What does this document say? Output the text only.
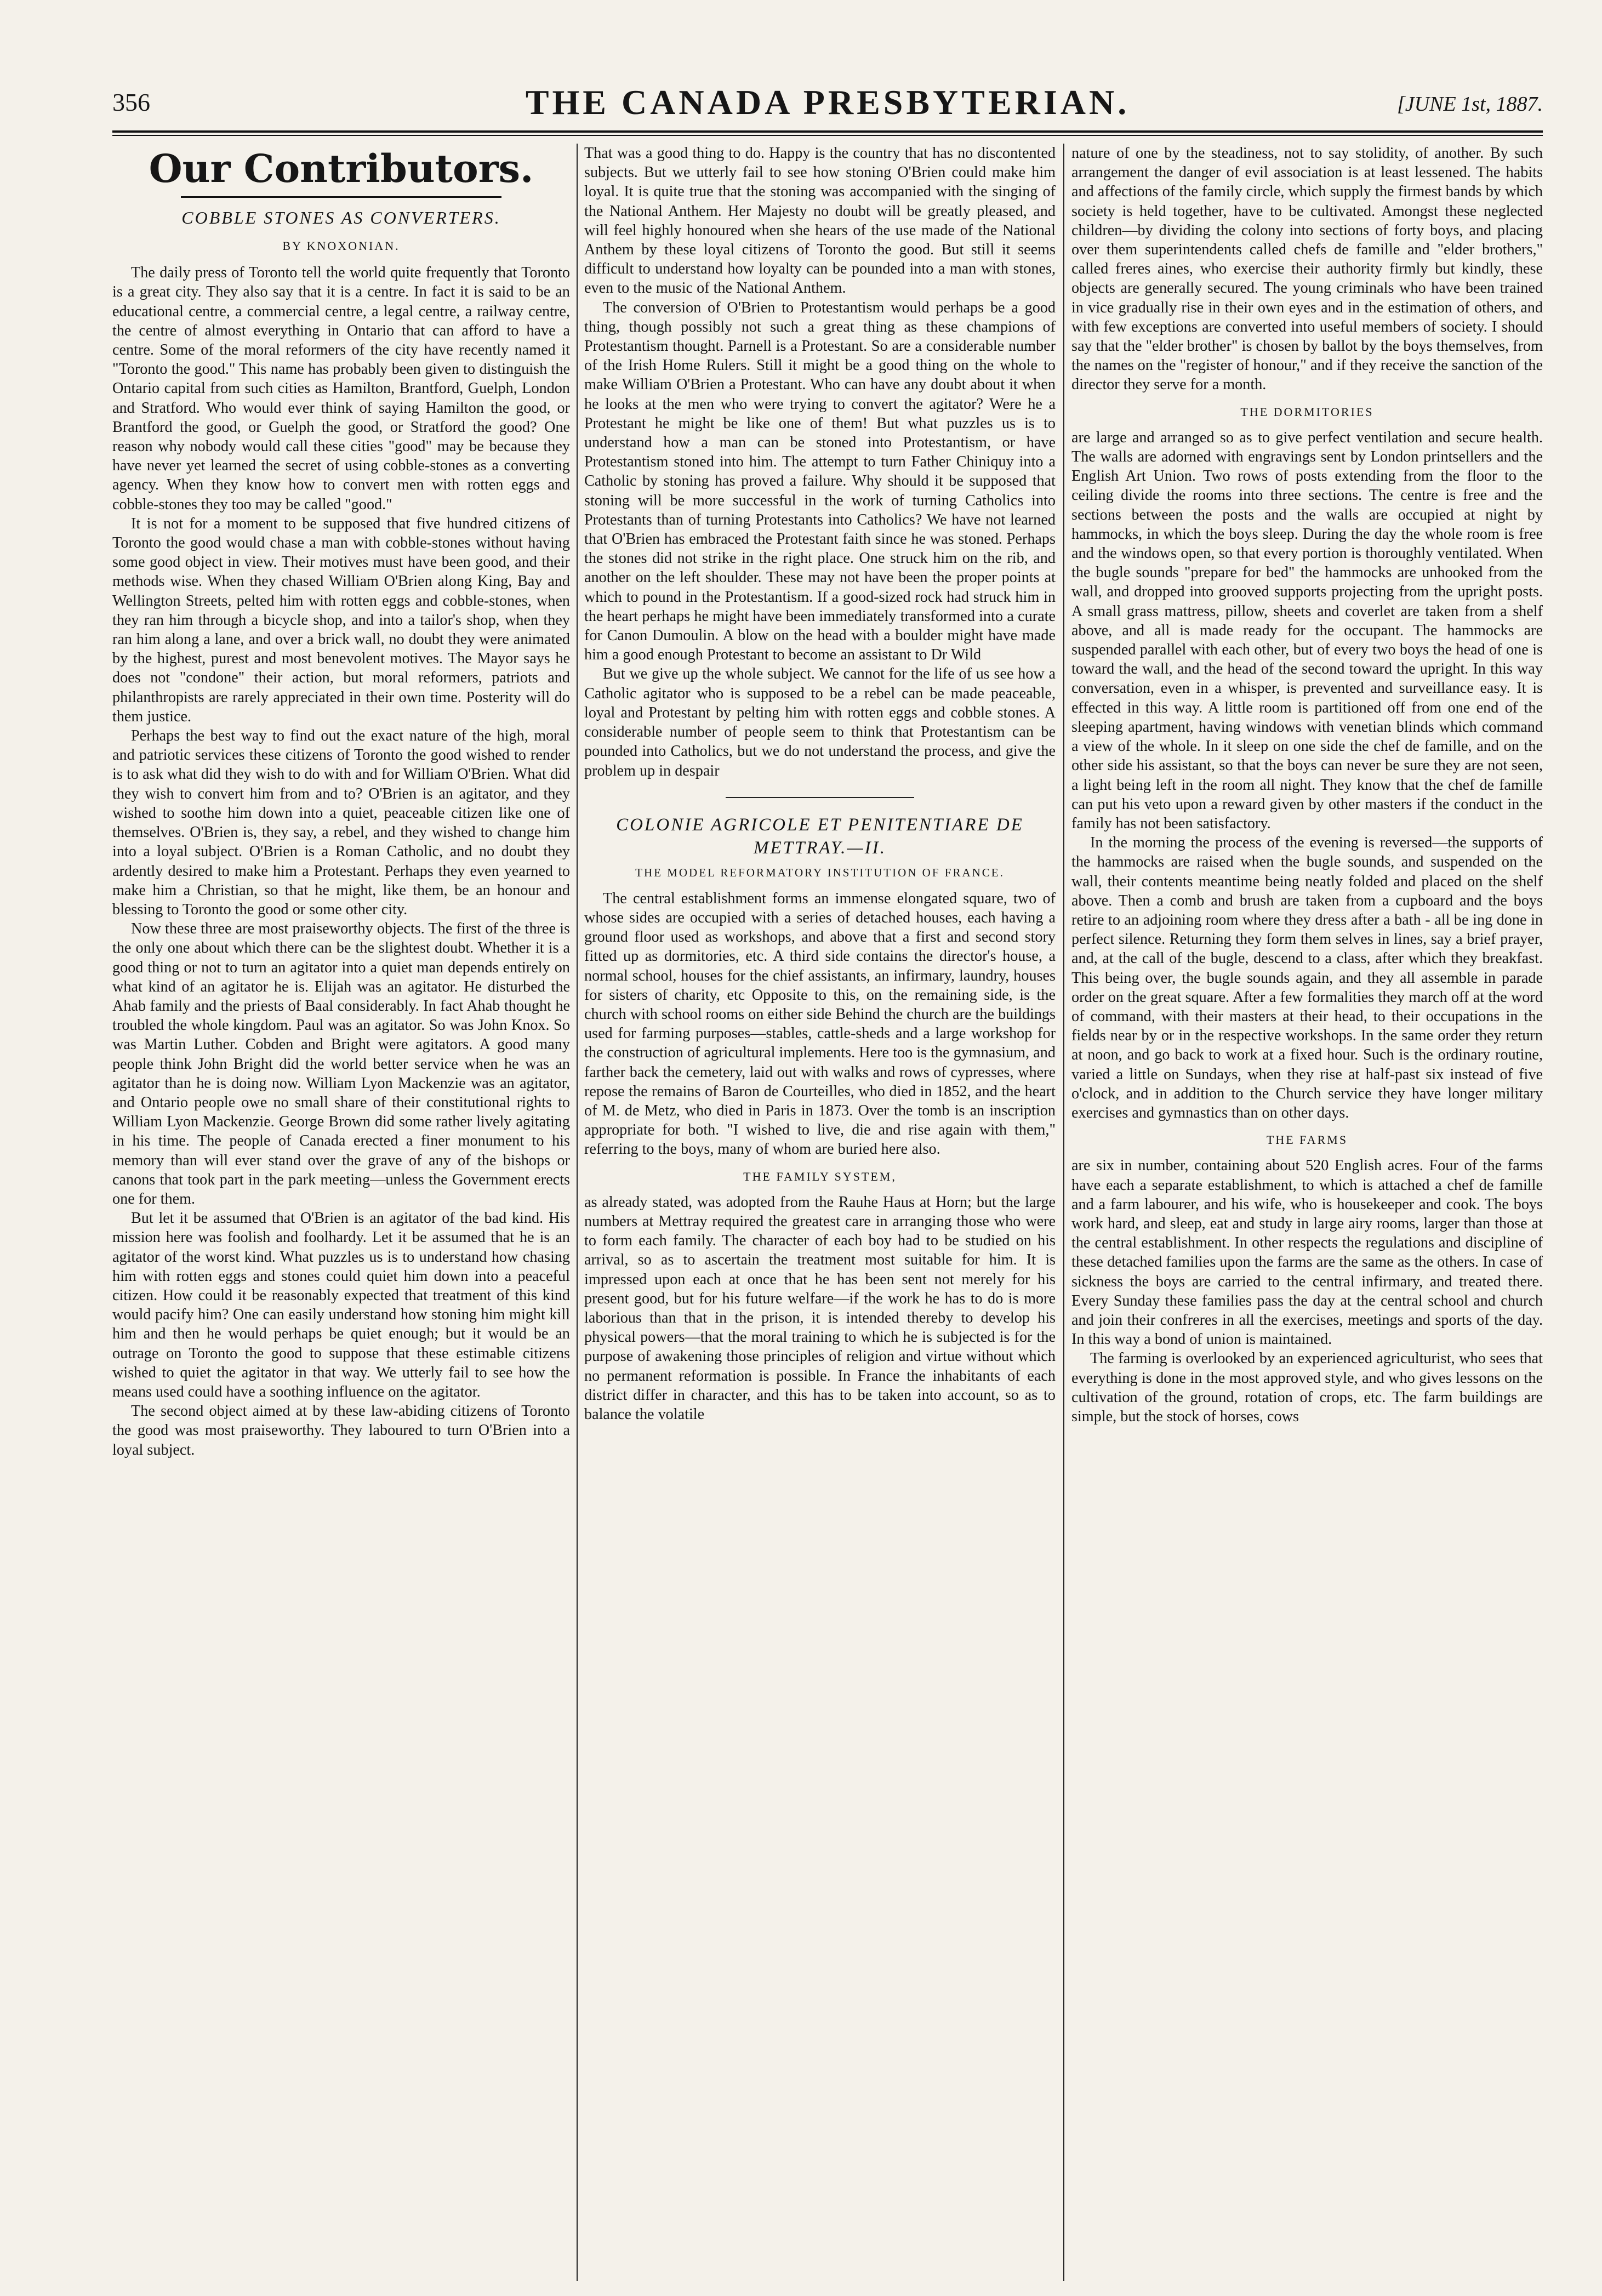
356	THE CANADA PRESBYTERIAN.	[JUNE 1st, 1887.
Our Contributors.
COBBLE STONES AS CONVERTERS.
BY KNOXONIAN.

The daily press of Toronto tell the world quite frequently that Toronto is a great city. They also say that it is a centre. In fact it is said to be an educational centre, a commercial centre, a legal centre, a railway centre, the centre of almost everything in Ontario that can afford to have a centre. Some of the moral reformers of the city have recently named it "Toronto the good." This name has probably been given to distinguish the Ontario capital from such cities as Hamilton, Brantford, Guelph, London and Stratford. Who would ever think of saying Hamilton the good, or Brantford the good, or Guelph the good, or Stratford the good? One reason why nobody would call these cities "good" may be because they have never yet learned the secret of using cobble-stones as a converting agency. When they know how to convert men with rotten eggs and cobble-stones they too may be called "good."

It is not for a moment to be supposed that five hundred citizens of Toronto the good would chase a man with cobble-stones without having some good object in view. Their motives must have been good, and their methods wise. When they chased William O'Brien along King, Bay and Wellington Streets, pelted him with rotten eggs and cobble-stones, when they ran him through a bicycle shop, and into a tailor's shop, when they ran him along a lane, and over a brick wall, no doubt they were animated by the highest, purest and most benevolent motives. The Mayor says he does not "condone" their action, but moral reformers, patriots and philanthropists are rarely appreciated in their own time. Posterity will do them justice.

Perhaps the best way to find out the exact nature of the high, moral and patriotic services these citizens of Toronto the good wished to render is to ask what did they wish to do with and for William O'Brien. What did they wish to convert him from and to? O'Brien is an agitator, and they wished to soothe him down into a quiet, peaceable citizen like one of themselves. O'Brien is, they say, a rebel, and they wished to change him into a loyal subject. O'Brien is a Roman Catholic, and no doubt they ardently desired to make him a Protestant. Perhaps they even yearned to make him a Christian, so that he might, like them, be an honour and blessing to Toronto the good or some other city.

Now these three are most praiseworthy objects. The first of the three is the only one about which there can be the slightest doubt. Whether it is a good thing or not to turn an agitator into a quiet man depends entirely on what kind of an agitator he is. Elijah was an agitator. He disturbed the Ahab family and the priests of Baal considerably. In fact Ahab thought he troubled the whole kingdom. Paul was an agitator. So was John Knox. So was Martin Luther. Cobden and Bright were agitators. A good many people think John Bright did the world better service when he was an agitator than he is doing now. William Lyon Mackenzie was an agitator, and Ontario people owe no small share of their constitutional rights to William Lyon Mackenzie. George Brown did some rather lively agitating in his time. The people of Canada erected a finer monument to his memory than will ever stand over the grave of any of the bishops or canons that took part in the park meeting—unless the Government erects one for them.

But let it be assumed that O'Brien is an agitator of the bad kind. His mission here was foolish and foolhardy. Let it be assumed that he is an agitator of the worst kind. What puzzles us is to understand how chasing him with rotten eggs and stones could quiet him down into a peaceful citizen. How could it be reasonably expected that treatment of this kind would pacify him? One can easily understand how stoning him might kill him and then he would perhaps be quiet enough; but it would be an outrage on Toronto the good to suppose that these estimable citizens wished to quiet the agitator in that way. We utterly fail to see how the means used could have a soothing influence on the agitator.

The second object aimed at by these law-abiding citizens of Toronto the good was most praiseworthy. They laboured to turn O'Brien into a loyal subject.

That was a good thing to do. Happy is the country that has no discontented subjects. But we utterly fail to see how stoning O'Brien could make him loyal. It is quite true that the stoning was accompanied with the singing of the National Anthem. Her Majesty no doubt will be greatly pleased, and will feel highly honoured when she hears of the use made of the National Anthem by these loyal citizens of Toronto the good. But still it seems difficult to understand how loyalty can be pounded into a man with stones, even to the music of the National Anthem.

The conversion of O'Brien to Protestantism would perhaps be a good thing, though possibly not such a great thing as these champions of Protestantism thought. Parnell is a Protestant. So are a considerable number of the Irish Home Rulers. Still it might be a good thing on the whole to make William O'Brien a Protestant. Who can have any doubt about it when he looks at the men who were trying to convert the agitator? Were he a Protestant he might be like one of them! But what puzzles us is to understand how a man can be stoned into Protestantism, or have Protestantism stoned into him. The attempt to turn Father Chiniquy into a Catholic by stoning has proved a failure. Why should it be supposed that stoning will be more successful in the work of turning Catholics into Protestants than of turning Protestants into Catholics? We have not learned that O'Brien has embraced the Protestant faith since he was stoned. Perhaps the stones did not strike in the right place. One struck him on the rib, and another on the left shoulder. These may not have been the proper points at which to pound in the Protestantism. If a good-sized rock had struck him in the heart perhaps he might have been immediately transformed into a curate for Canon Dumoulin. A blow on the head with a boulder might have made him a good enough Protestant to become an assistant to Dr Wild

But we give up the whole subject. We cannot for the life of us see how a Catholic agitator who is supposed to be a rebel can be made peaceable, loyal and Protestant by pelting him with rotten eggs and cobble stones. A considerable number of people seem to think that Protestantism can be pounded into Catholics, but we do not understand the process, and give the problem up in despair

COLONIE AGRICOLE ET PENITENTIARE DE METTRAY.—II.
THE MODEL REFORMATORY INSTITUTION OF FRANCE.

The central establishment forms an immense elongated square, two of whose sides are occupied with a series of detached houses, each having a ground floor used as workshops, and above that a first and second story fitted up as dormitories, etc. A third side contains the director's house, a normal school, houses for the chief assistants, an infirmary, laundry, houses for sisters of charity, etc Opposite to this, on the remaining side, is the church with school rooms on either side Behind the church are the buildings used for farming purposes—stables, cattle-sheds and a large workshop for the construction of agricultural implements. Here too is the gymnasium, and farther back the cemetery, laid out with walks and rows of cypresses, where repose the remains of Baron de Courteilles, who died in 1852, and the heart of M. de Metz, who died in Paris in 1873. Over the tomb is an inscription appropriate for both. "I wished to live, die and rise again with them," referring to the boys, many of whom are buried here also.

THE FAMILY SYSTEM,

as already stated, was adopted from the Rauhe Haus at Horn; but the large numbers at Mettray required the greatest care in arranging those who were to form each family. The character of each boy had to be studied on his arrival, so as to ascertain the treatment most suitable for him. It is impressed upon each at once that he has been sent not merely for his present good, but for his future welfare—if the work he has to do is more laborious than that in the prison, it is intended thereby to develop his physical powers—that the moral training to which he is subjected is for the purpose of awakening those principles of religion and virtue without which no permanent reformation is possible. In France the inhabitants of each district differ in character, and this has to be taken into account, so as to balance the volatile

nature of one by the steadiness, not to say stolidity, of another. By such arrangement the danger of evil association is at least lessened. The habits and affections of the family circle, which supply the firmest bands by which society is held together, have to be cultivated. Amongst these neglected children—by dividing the colony into sections of forty boys, and placing over them superintendents called chefs de famille and "elder brothers," called freres aines, who exercise their authority firmly but kindly, these objects are generally secured. The young criminals who have been trained in vice gradually rise in their own eyes and in the estimation of others, and with few exceptions are converted into useful members of society. I should say that the "elder brother" is chosen by ballot by the boys themselves, from the names on the "register of honour," and if they receive the sanction of the director they serve for a month.

THE DORMITORIES

are large and arranged so as to give perfect ventilation and secure health. The walls are adorned with engravings sent by London printsellers and the English Art Union. Two rows of posts extending from the floor to the ceiling divide the rooms into three sections. The centre is free and the sections between the posts and the walls are occupied at night by hammocks, in which the boys sleep. During the day the whole room is free and the windows open, so that every portion is thoroughly ventilated. When the bugle sounds "prepare for bed" the hammocks are unhooked from the wall, and dropped into grooved supports projecting from the upright posts. A small grass mattress, pillow, sheets and coverlet are taken from a shelf above, and all is made ready for the occupant. The hammocks are suspended parallel with each other, but of every two boys the head of one is toward the wall, and the head of the second toward the upright. In this way conversation, even in a whisper, is prevented and surveillance easy. It is effected in this way. A little room is partitioned off from one end of the sleeping apartment, having windows with venetian blinds which command a view of the whole. In it sleep on one side the chef de famille, and on the other side his assistant, so that the boys can never be sure they are not seen, a light being left in the room all night. They know that the chef de famille can put his veto upon a reward given by other masters if the conduct in the family has not been satisfactory.

In the morning the process of the evening is reversed—the supports of the hammocks are raised when the bugle sounds, and suspended on the wall, their contents meantime being neatly folded and placed on the shelf above. Then a comb and brush are taken from a cupboard and the boys retire to an adjoining room where they dress after a bath - all be ing done in perfect silence. Returning they form them selves in lines, say a brief prayer, and, at the call of the bugle, descend to a class, after which they breakfast. This being over, the bugle sounds again, and they all assemble in parade order on the great square. After a few formalities they march off at the word of command, with their masters at their head, to their occupations in the fields near by or in the respective workshops. In the same order they return at noon, and go back to work at a fixed hour. Such is the ordinary routine, varied a little on Sundays, when they rise at half-past six instead of five o'clock, and in addition to the Church service they have longer military exercises and gymnastics than on other days.

THE FARMS

are six in number, containing about 520 English acres. Four of the farms have each a separate establishment, to which is attached a chef de famille and a farm labourer, and his wife, who is housekeeper and cook. The boys work hard, and sleep, eat and study in large airy rooms, larger than those at the central establishment. In other respects the regulations and discipline of these detached families upon the farms are the same as the others. In case of sickness the boys are carried to the central infirmary, and treated there. Every Sunday these families pass the day at the central school and church and join their confreres in all the exercises, meetings and sports of the day. In this way a bond of union is maintained.

The farming is overlooked by an experienced agriculturist, who sees that everything is done in the most approved style, and who gives lessons on the cultivation of the ground, rotation of crops, etc. The farm buildings are simple, but the stock of horses, cows
